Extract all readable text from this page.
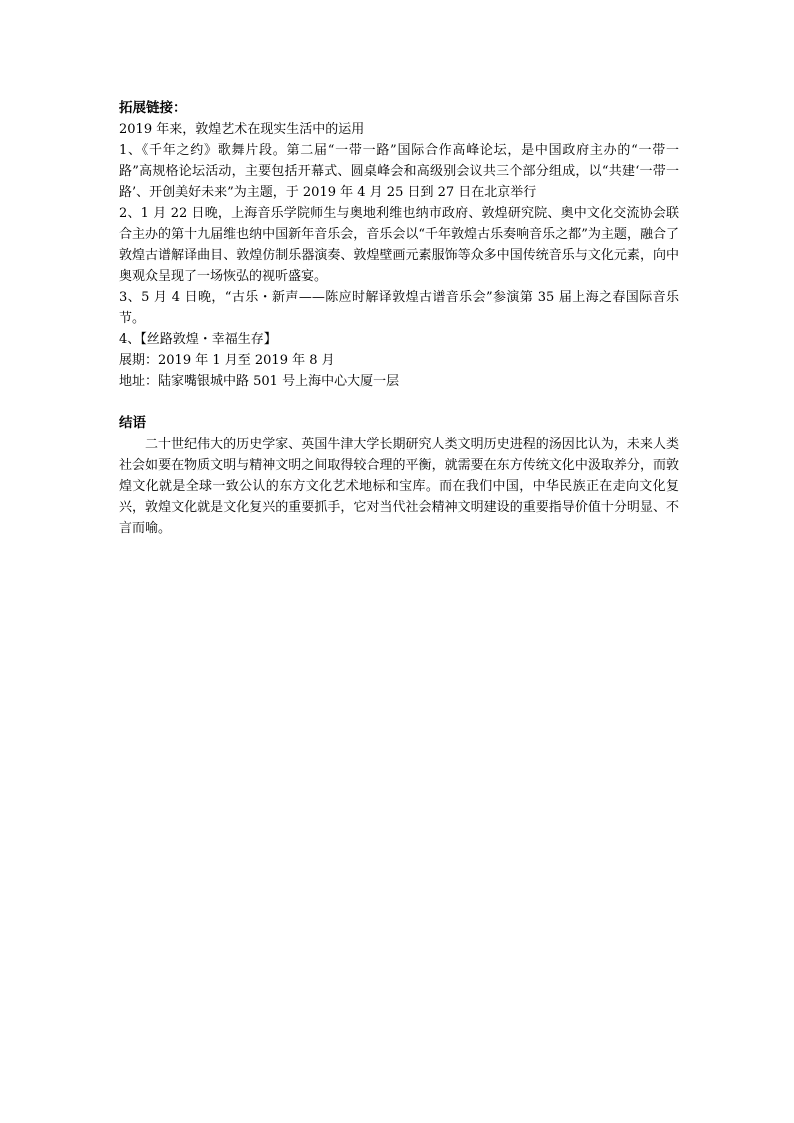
拓展链接：

2019 年来，敦煌艺术在现实生活中的运用

1、《千年之约》歌舞片段。第二届“一带一路”国际合作高峰论坛，是中国政府主办的“一带一路”高规格论坛活动，主要包括开幕式、圆桌峰会和高级别会议共三个部分组成，以“共建‘一带一路’、开创美好未来”为主题，于 2019 年 4 月 25 日到 27 日在北京举行

2、1 月 22 日晚，上海音乐学院师生与奥地利维也纳市政府、敦煌研究院、奥中文化交流协会联合主办的第十九届维也纳中国新年音乐会，音乐会以“千年敦煌古乐奏响音乐之都”为主题，融合了敦煌古谱解译曲目、敦煌仿制乐器演奏、敦煌壁画元素服饰等众多中国传统音乐与文化元素，向中奥观众呈现了一场恢弘的视听盛宴。

3、5 月 4 日晚，“古乐・新声——陈应时解译敦煌古谱音乐会”参演第 35 届上海之春国际音乐节。

4、【丝路敦煌・幸福生存】

展期：2019 年 1 月至 2019 年 8 月

地址：陆家嘴银城中路 501 号上海中心大厦一层

结语

二十世纪伟大的历史学家、英国牛津大学长期研究人类文明历史进程的汤因比认为，未来人类社会如要在物质文明与精神文明之间取得较合理的平衡，就需要在东方传统文化中汲取养分，而敦煌文化就是全球一致公认的东方文化艺术地标和宝库。而在我们中国，中华民族正在走向文化复兴，敦煌文化就是文化复兴的重要抓手，它对当代社会精神文明建设的重要指导价值十分明显、不言而喻。
